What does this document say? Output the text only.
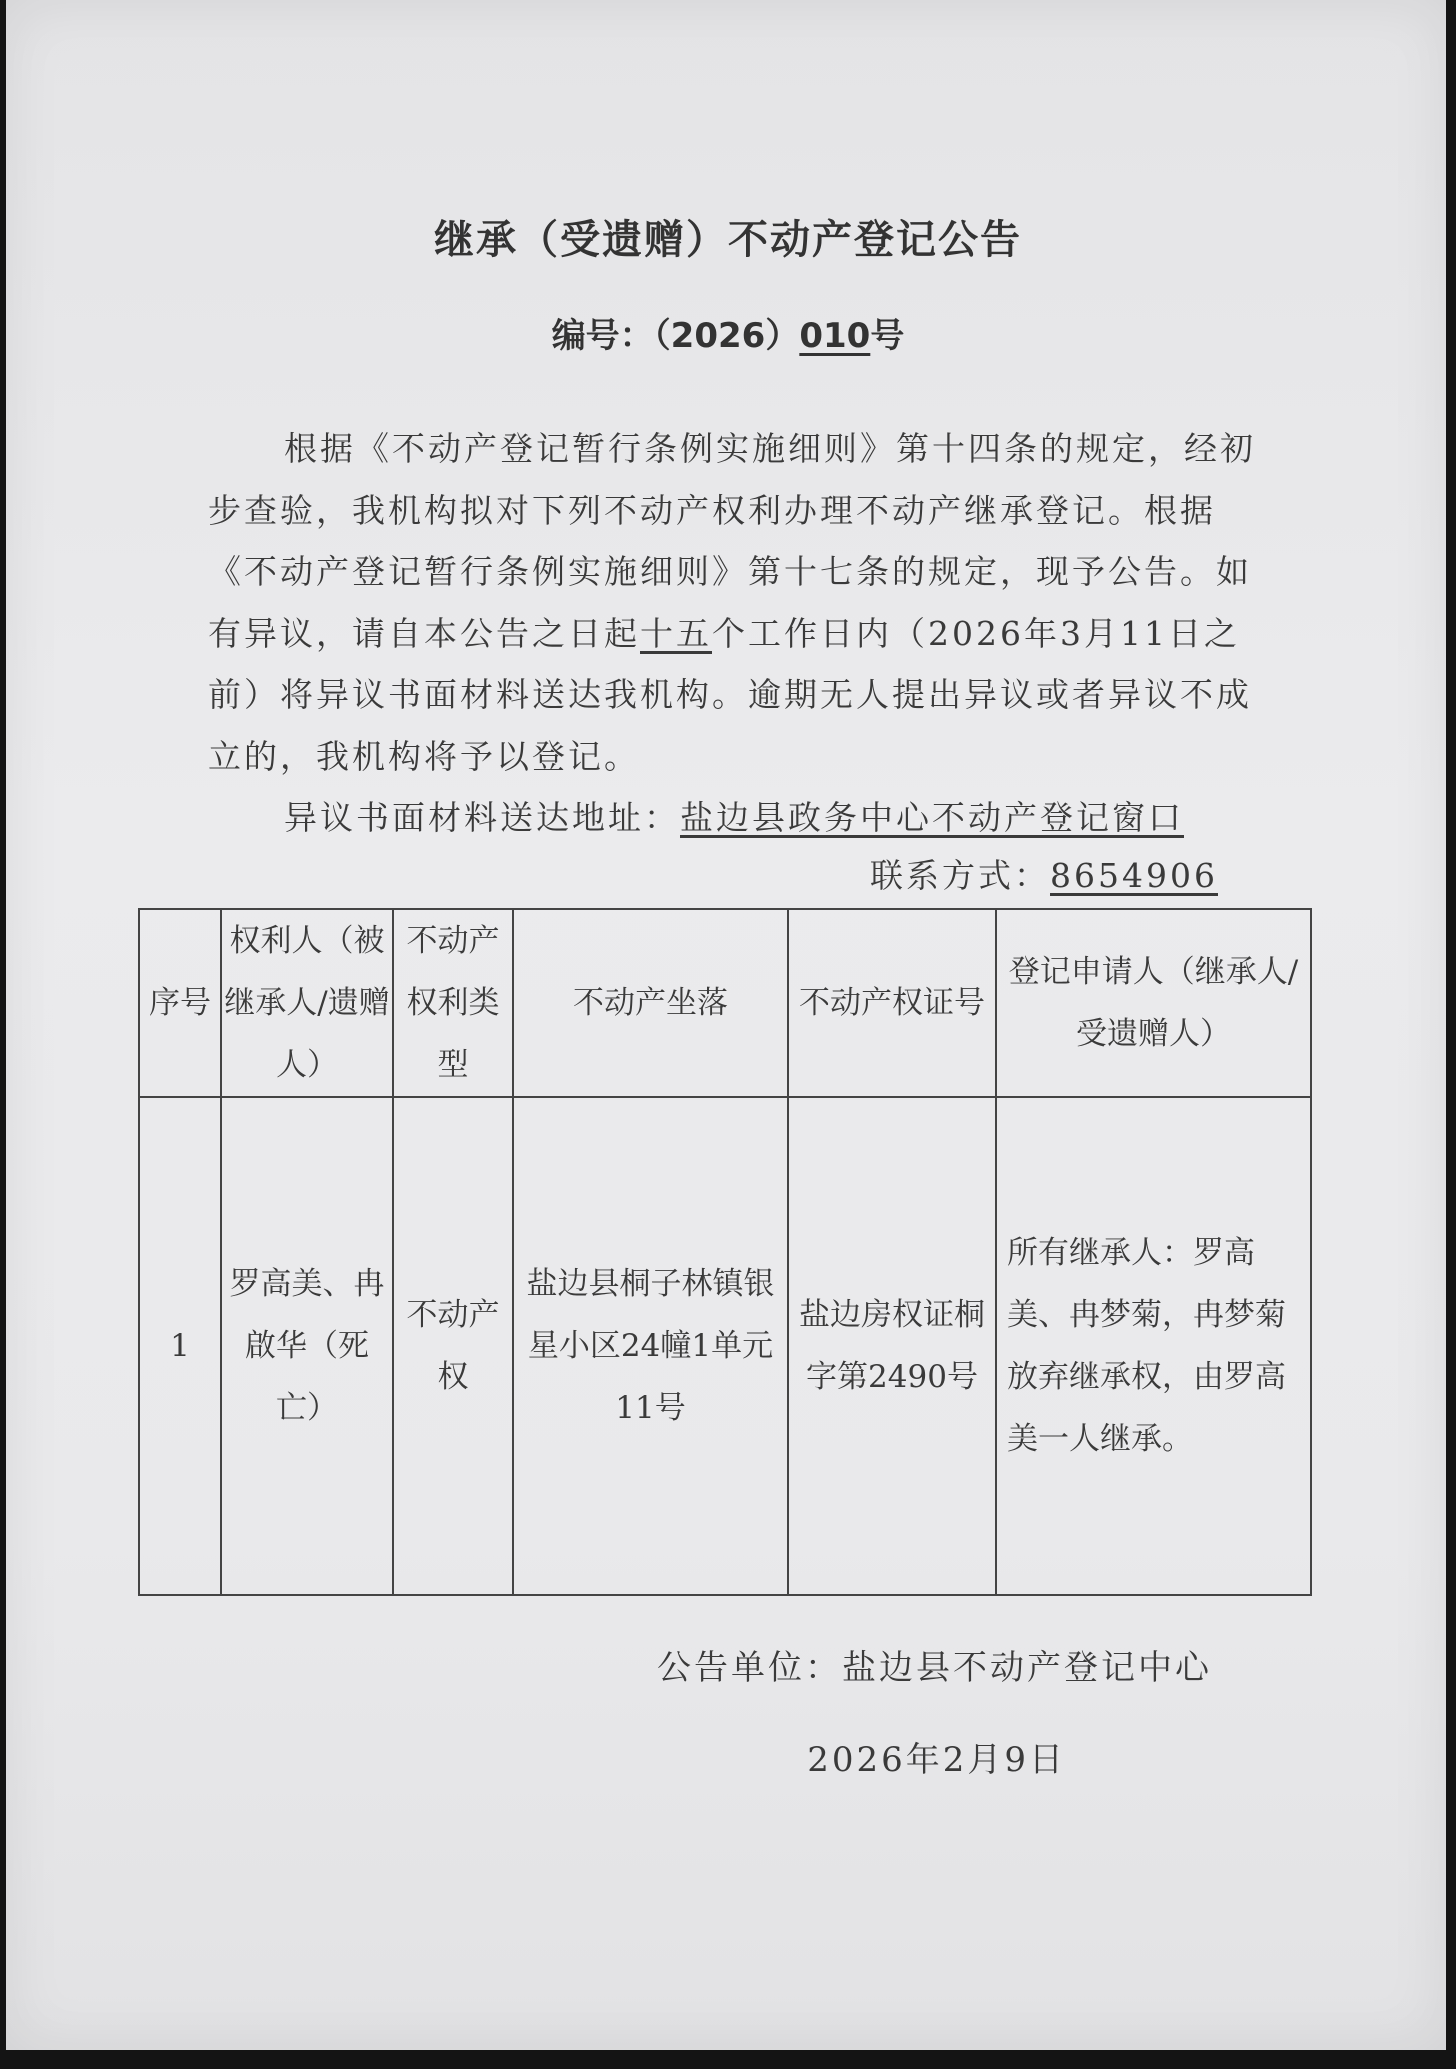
继承（受遗赠）不动产登记公告
编号：（2026）010号

根据《不动产登记暂行条例实施细则》第十四条的规定，经初步查验，我机构拟对下列不动产权利办理不动产继承登记。根据《不动产登记暂行条例实施细则》第十七条的规定，现予公告。如有异议，请自本公告之日起十五个工作日内（2026年3月11日之前）将异议书面材料送达我机构。逾期无人提出异议或者异议不成立的，我机构将予以登记。

异议书面材料送达地址：盐边县政务中心不动产登记窗口

联系方式：8654906
序号	权利人（被继承人/遗赠人）	不动产权利类型	不动产坐落	不动产权证号	登记申请人（继承人/受遗赠人）
1	罗高美、冉啟华（死亡）	不动产权	盐边县桐子林镇银星小区24幢1单元11号	盐边房权证桐字第2490号	所有继承人：罗高美、冉梦菊，冉梦菊放弃继承权，由罗高美一人继承。
公告单位：盐边县不动产登记中心
2026年2月9日
